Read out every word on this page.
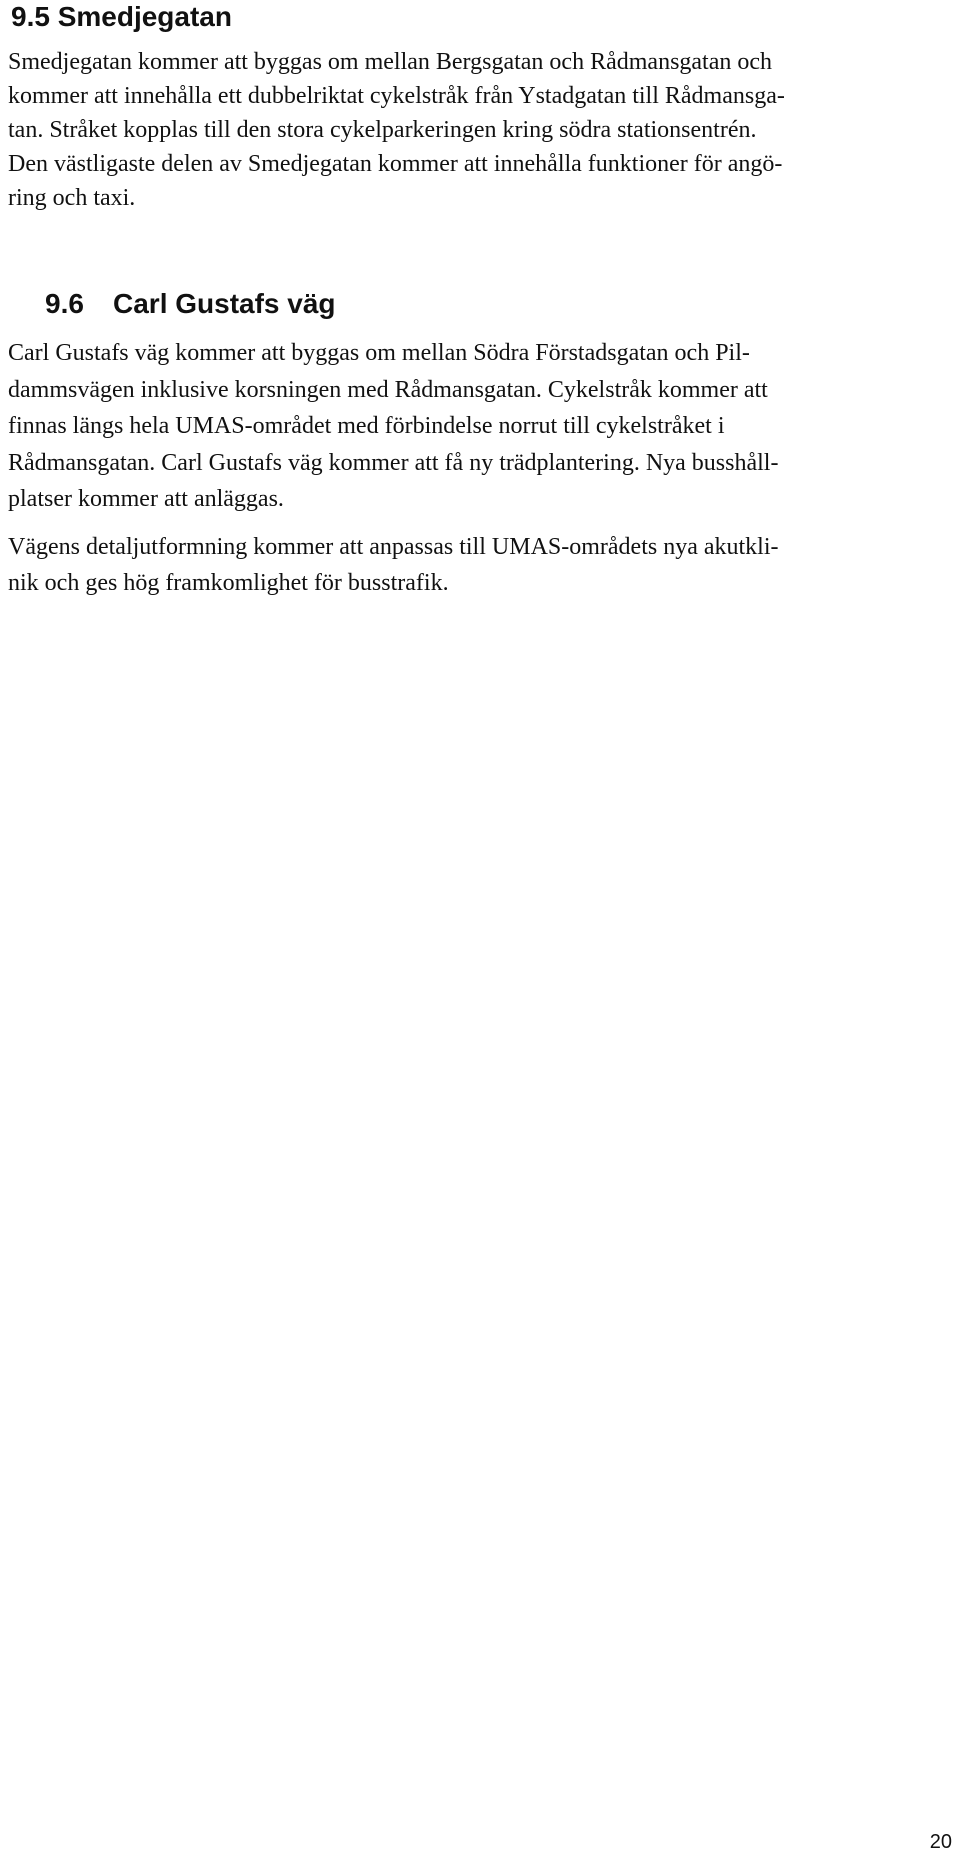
9.5 Smedjegatan

Smedjegatan kommer att byggas om mellan Bergsgatan och Rådmansgatan och
kommer att innehålla ett dubbelriktat cykelstråk från Ystadgatan till Rådmansga-
tan. Stråket kopplas till den stora cykelparkeringen kring södra stationsentrén.
Den västligaste delen av Smedjegatan kommer att innehålla funktioner för angö-
ring och taxi.

9.6 Carl Gustafs väg

Carl Gustafs väg kommer att byggas om mellan Södra Förstadsgatan och Pil-
dammsvägen inklusive korsningen med Rådmansgatan. Cykelstråk kommer att
finnas längs hela UMAS-området med förbindelse norrut till cykelstråket i
Rådmansgatan. Carl Gustafs väg kommer att få ny trädplantering. Nya busshåll-
platser kommer att anläggas.

Vägens detaljutformning kommer att anpassas till UMAS-områdets nya akutkli-
nik och ges hög framkomlighet för busstrafik.

20
